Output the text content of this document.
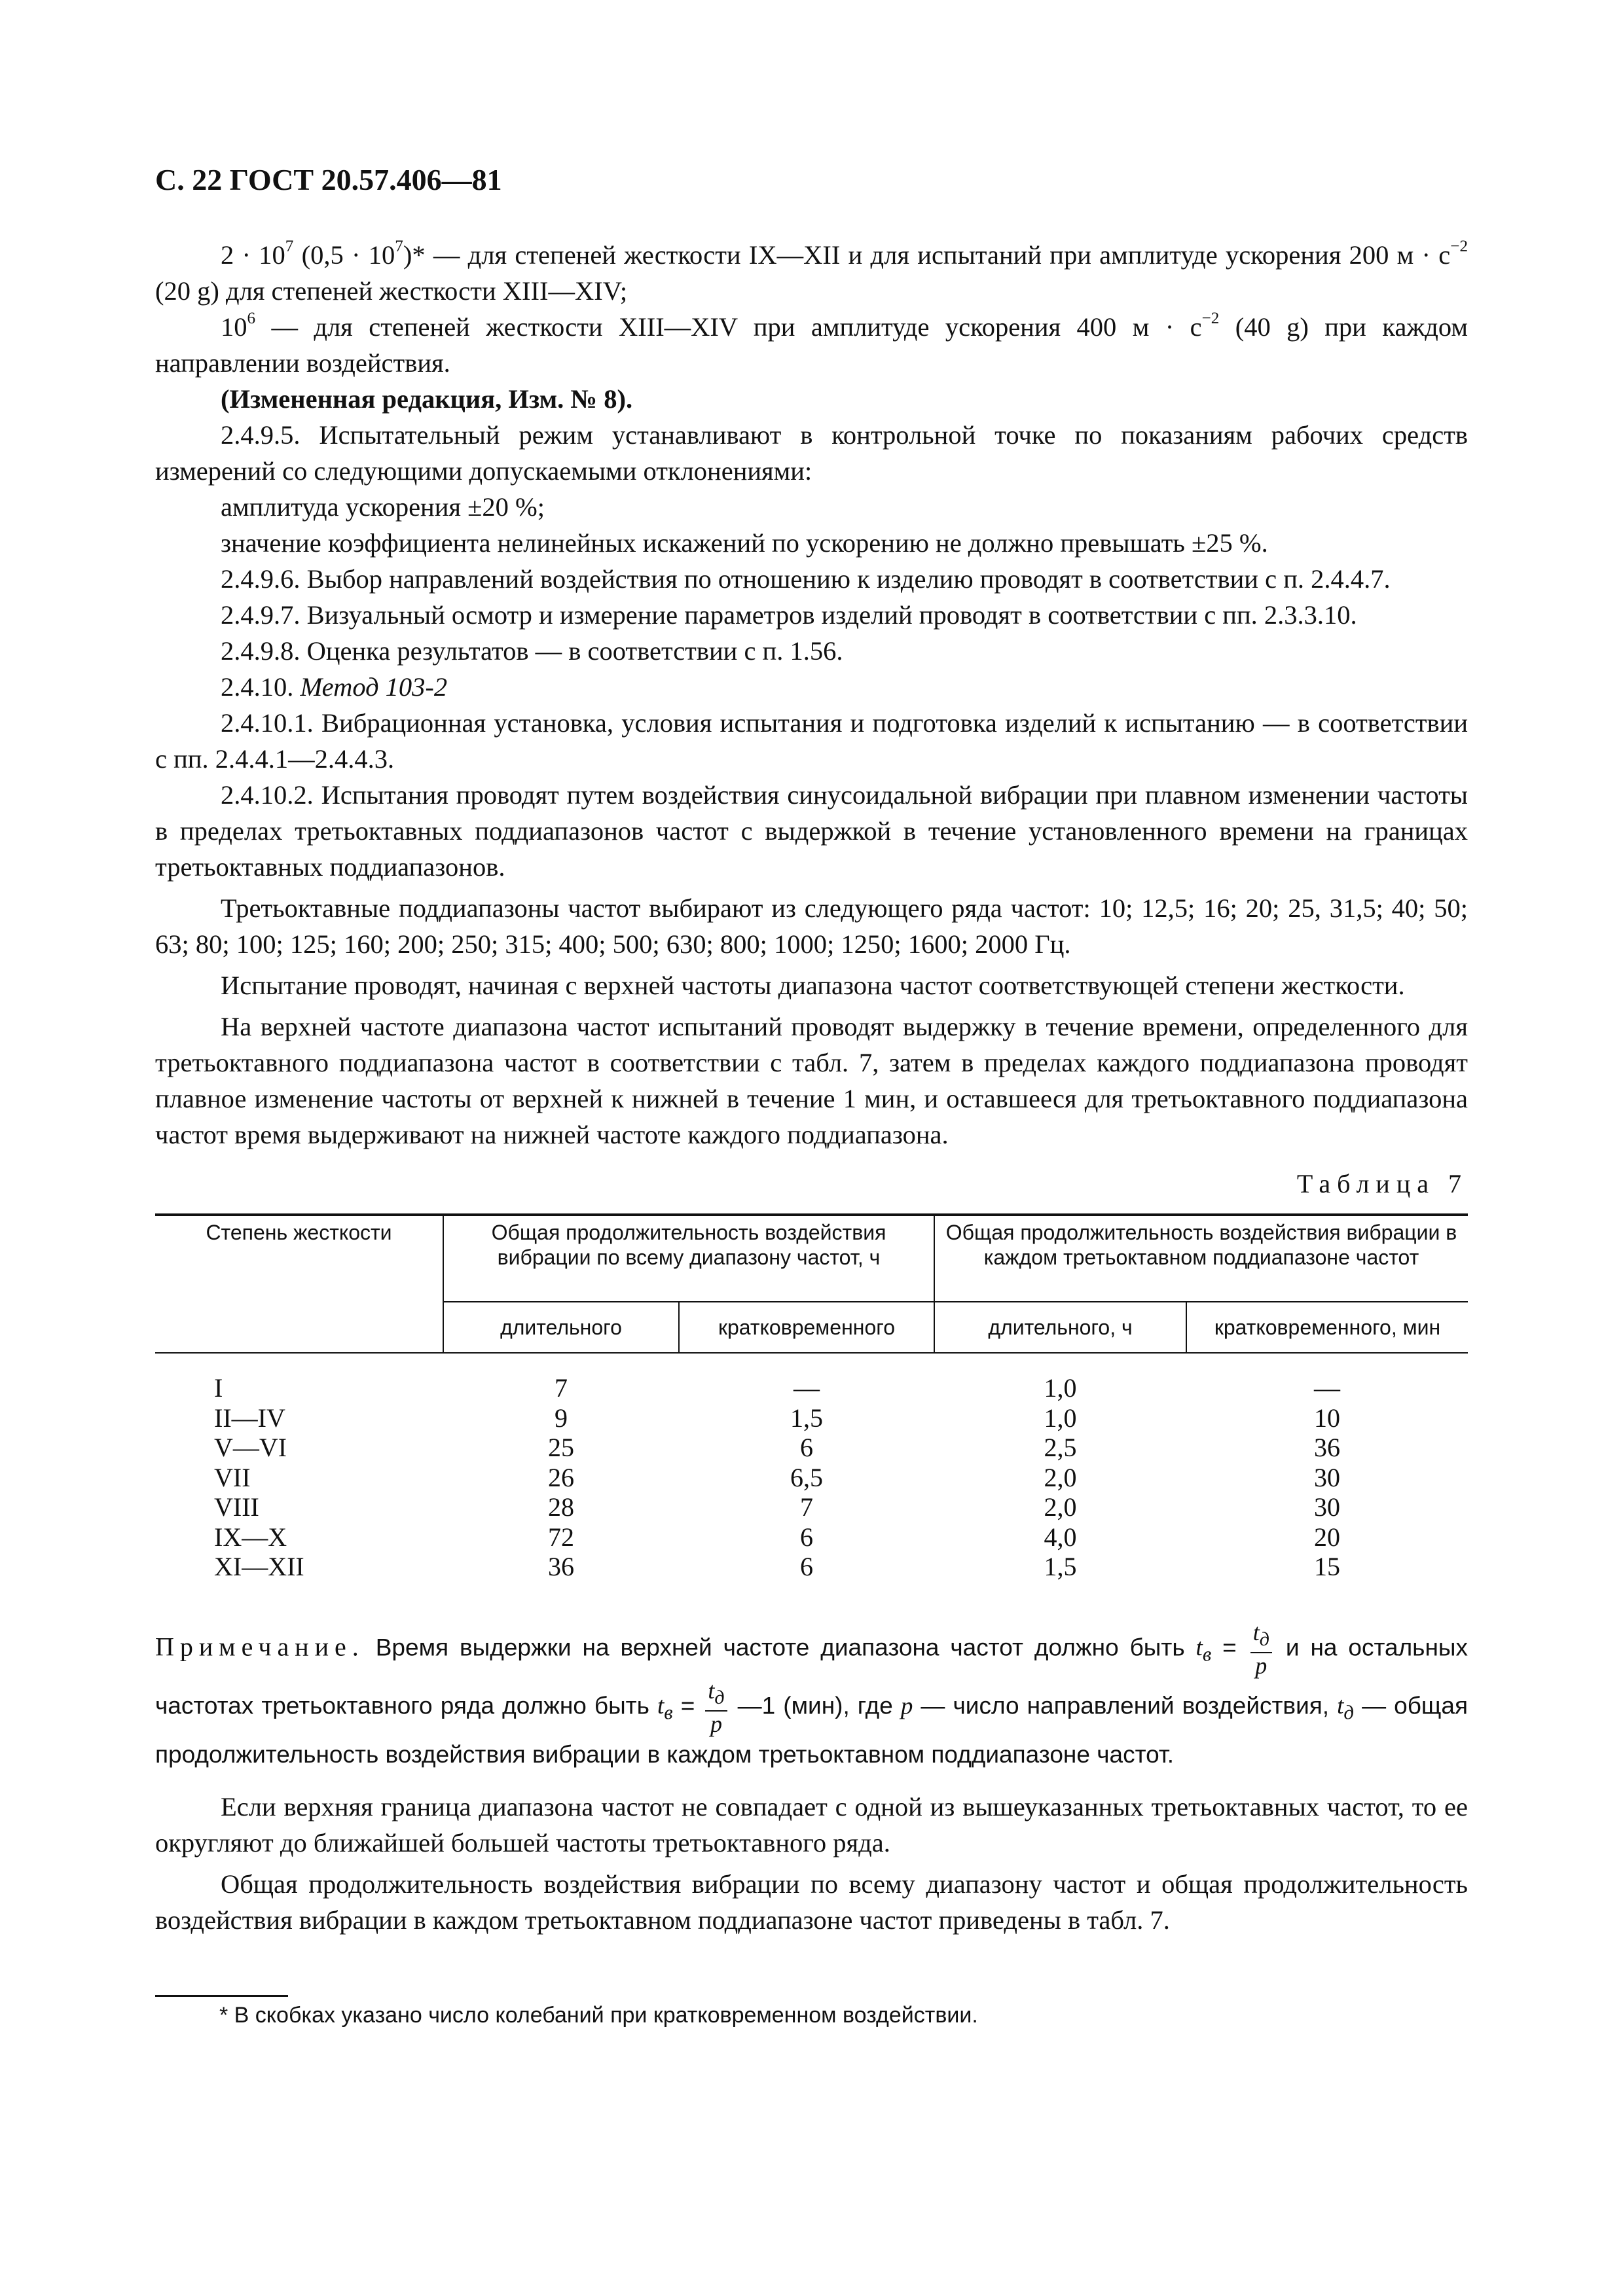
С. 22 ГОСТ 20.57.406—81

$2 \cdot 10^7$ $(0,5 \cdot 10^7)*$ — для степеней жесткости IX—XII и для испытаний при амплитуде ускорения 200 $м \cdot с^{-2}$ (20 g) для степеней жесткости XIII—XIV;

$10^6$ — для степеней жесткости XIII—XIV при амплитуде ускорения 400 $м \cdot с^{-2}$ (40 g) при каждом направлении воздействия.

(Измененная редакция, Изм. № 8).

2.4.9.5. Испытательный режим устанавливают в контрольной точке по показаниям рабочих средств измерений со следующими допускаемыми отклонениями:

амплитуда ускорения ±20 %;

значение коэффициента нелинейных искажений по ускорению не должно превышать ±25 %.

2.4.9.6. Выбор направлений воздействия по отношению к изделию проводят в соответствии с п. 2.4.4.7.

2.4.9.7. Визуальный осмотр и измерение параметров изделий проводят в соответствии с пп. 2.3.3.10.

2.4.9.8. Оценка результатов — в соответствии с п. 1.56.

2.4.10. Метод 103-2

2.4.10.1. Вибрационная установка, условия испытания и подготовка изделий к испытанию — в соответствии с пп. 2.4.4.1—2.4.4.3.

2.4.10.2. Испытания проводят путем воздействия синусоидальной вибрации при плавном изменении частоты в пределах третьоктавных поддиапазонов частот с выдержкой в течение установленного времени на границах третьоктавных поддиапазонов.

Третьоктавные поддиапазоны частот выбирают из следующего ряда частот: 10; 12,5; 16; 20; 25, 31,5; 40; 50; 63; 80; 100; 125; 160; 200; 250; 315; 400; 500; 630; 800; 1000; 1250; 1600; 2000 Гц.

Испытание проводят, начиная с верхней частоты диапазона частот соответствующей степени жесткости.

На верхней частоте диапазона частот испытаний проводят выдержку в течение времени, определенного для третьоктавного поддиапазона частот в соответствии с табл. 7, затем в пределах каждого поддиапазона проводят плавное изменение частоты от верхней к нижней в течение 1 мин, и оставшееся для третьоктавного поддиапазона частот время выдерживают на нижней частоте каждого поддиапазона.

Таблица 7
Степень жесткости	Общая продолжительность воздействия вибрации по всему диапазону частот, ч		Общая продолжительность воздействия вибрации в каждом третьоктавном поддиапазоне частот	
	длительного	кратковременного	длительного, ч	кратковременного, мин
I	7	—	1,0	—
II—IV	9	1,5	1,0	10
V—VI	25	6	2,5	36
VII	26	6,5	2,0	30
VIII	28	7	2,0	30
IX—X	72	6	4,0	20
XI—XII	36	6	1,5	15

Примечание. Время выдержки на верхней частоте диапазона частот должно быть $t_в = \frac{t_д}{p}$ и на остальных частотах третьоктавного ряда должно быть $t_в = \frac{t_д}{p}$ —1 (мин), где p — число направлений воздействия, $t_д$ — общая продолжительность воздействия вибрации в каждом третьоктавном поддиапазоне частот.

Если верхняя граница диапазона частот не совпадает с одной из вышеуказанных третьоктавных частот, то ее округляют до ближайшей большей частоты третьоктавного ряда.

Общая продолжительность воздействия вибрации по всему диапазону частот и общая продолжительность воздействия вибрации в каждом третьоктавном поддиапазоне частот приведены в табл. 7.

* В скобках указано число колебаний при кратковременном воздействии.
